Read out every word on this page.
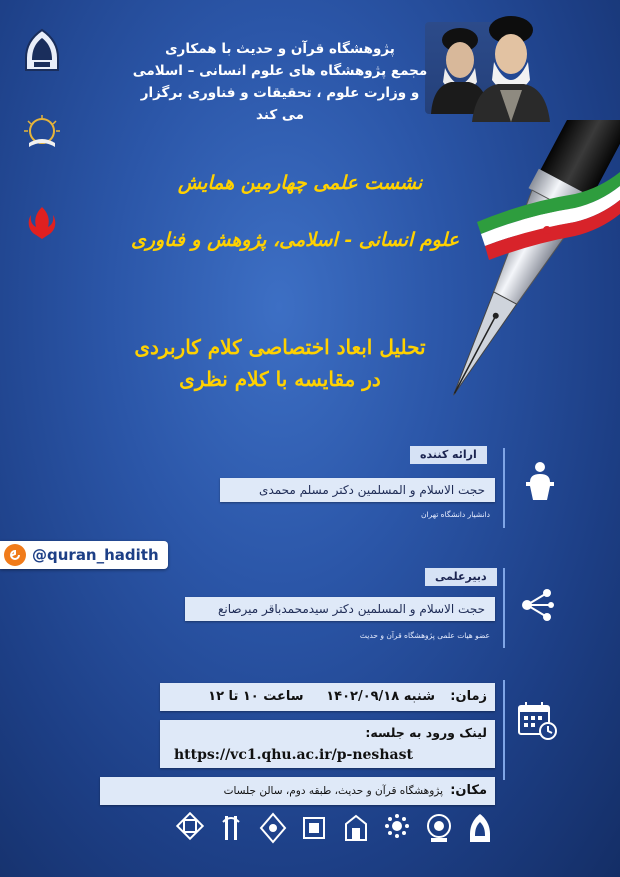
پژوهشگاه قرآن و حدیث با همکاری
مجمع پژوهشگاه های علوم انسانی – اسلامی
و وزارت علوم ، تحقیقات و فناوری برگزار می کند
نشست علمی چهارمین همایش
علوم انسانی - اسلامی، پژوهش و فناوری
تحلیل ابعاد اختصاصی کلام کاربردی
در مقایسه با کلام نظری
ارائه کننده
حجت الاسلام و المسلمین دکتر مسلم محمدی
دانشیار دانشگاه تهران
@quran_hadith
دبیرعلمی
حجت الاسلام و المسلمین دکتر سیدمحمدباقر میرصانع
عضو هیات علمی پژوهشگاه قرآن و حدیث
زمان:
شنبه ۱۴۰۲/۰۹/۱۸     ساعت ۱۰ تا ۱۲
لینک ورود به جلسه:
https://vc1.qhu.ac.ir/p-neshast
مکان:
پژوهشگاه قرآن و حدیث، طبقه دوم، سالن جلسات
